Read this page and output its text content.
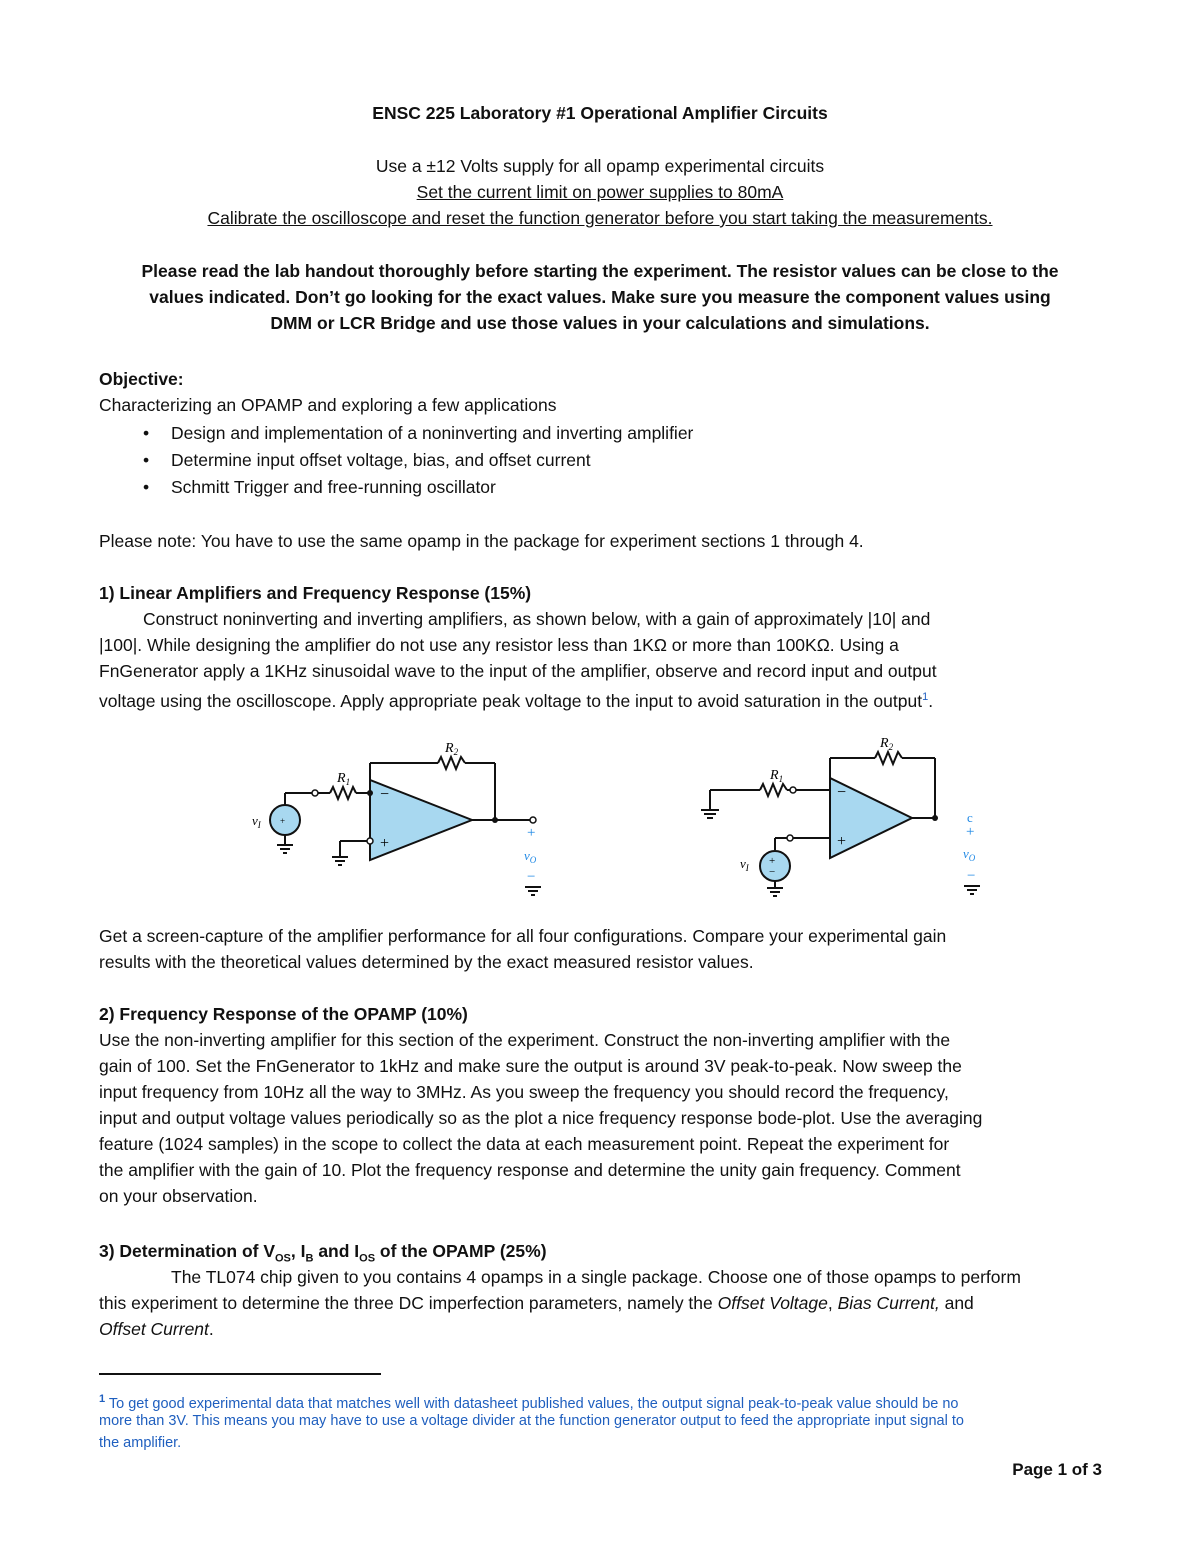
ENSC 225 Laboratory #1 Operational Amplifier Circuits
Use a ±12 Volts supply for all opamp experimental circuits
Set the current limit on power supplies to 80mA
Calibrate the oscilloscope and reset the function generator before you start taking the measurements.
Please read the lab handout thoroughly before starting the experiment. The resistor values can be close to the
values indicated. Don’t go looking for the exact values. Make sure you measure the component values using
DMM or LCR Bridge and use those values in your calculations and simulations.
Objective:
Characterizing an OPAMP and exploring a few applications
• Design and implementation of a noninverting and inverting amplifier
• Determine input offset voltage, bias, and offset current
• Schmitt Trigger and free-running oscillator
Please note: You have to use the same opamp in the package for experiment sections 1 through 4.
1) Linear Amplifiers and Frequency Response (15%)
Construct noninverting and inverting amplifiers, as shown below, with a gain of approximately |10| and
|100|. While designing the amplifier do not use any resistor less than 1KΩ or more than 100KΩ. Using a
FnGenerator apply a 1KHz sinusoidal wave to the input of the amplifier, observe and record input and output
voltage using the oscilloscope. Apply appropriate peak voltage to the input to avoid saturation in the output$^1$.
−
+
+
$v_I$
$R_1$
$R_2$
+
$v_O$
−
−
+
$R_1$
$R_2$
+
−
$v_I$
c
+
$v_O$
−
Get a screen-capture of the amplifier performance for all four configurations. Compare your experimental gain
results with the theoretical values determined by the exact measured resistor values.
2) Frequency Response of the OPAMP (10%)
Use the non-inverting amplifier for this section of the experiment. Construct the non-inverting amplifier with the
gain of 100. Set the FnGenerator to 1kHz and make sure the output is around 3V peak-to-peak. Now sweep the
input frequency from 10Hz all the way to 3MHz. As you sweep the frequency you should record the frequency,
input and output voltage values periodically so as the plot a nice frequency response bode-plot. Use the averaging
feature (1024 samples) in the scope to collect the data at each measurement point. Repeat the experiment for
the amplifier with the gain of 10. Plot the frequency response and determine the unity gain frequency. Comment
on your observation.
3) Determination of $V_{OS}$, $I_B$ and $I_{OS}$ of the OPAMP (25%)
The TL074 chip given to you contains 4 opamps in a single package. Choose one of those opamps to perform
this experiment to determine the three DC imperfection parameters, namely the Offset Voltage, Bias Current, and
Offset Current.
$^1$ To get good experimental data that matches well with datasheet published values, the output signal peak-to-peak value should be no
more than 3V. This means you may have to use a voltage divider at the function generator output to feed the appropriate input signal to
the amplifier.
Page 1 of 3
